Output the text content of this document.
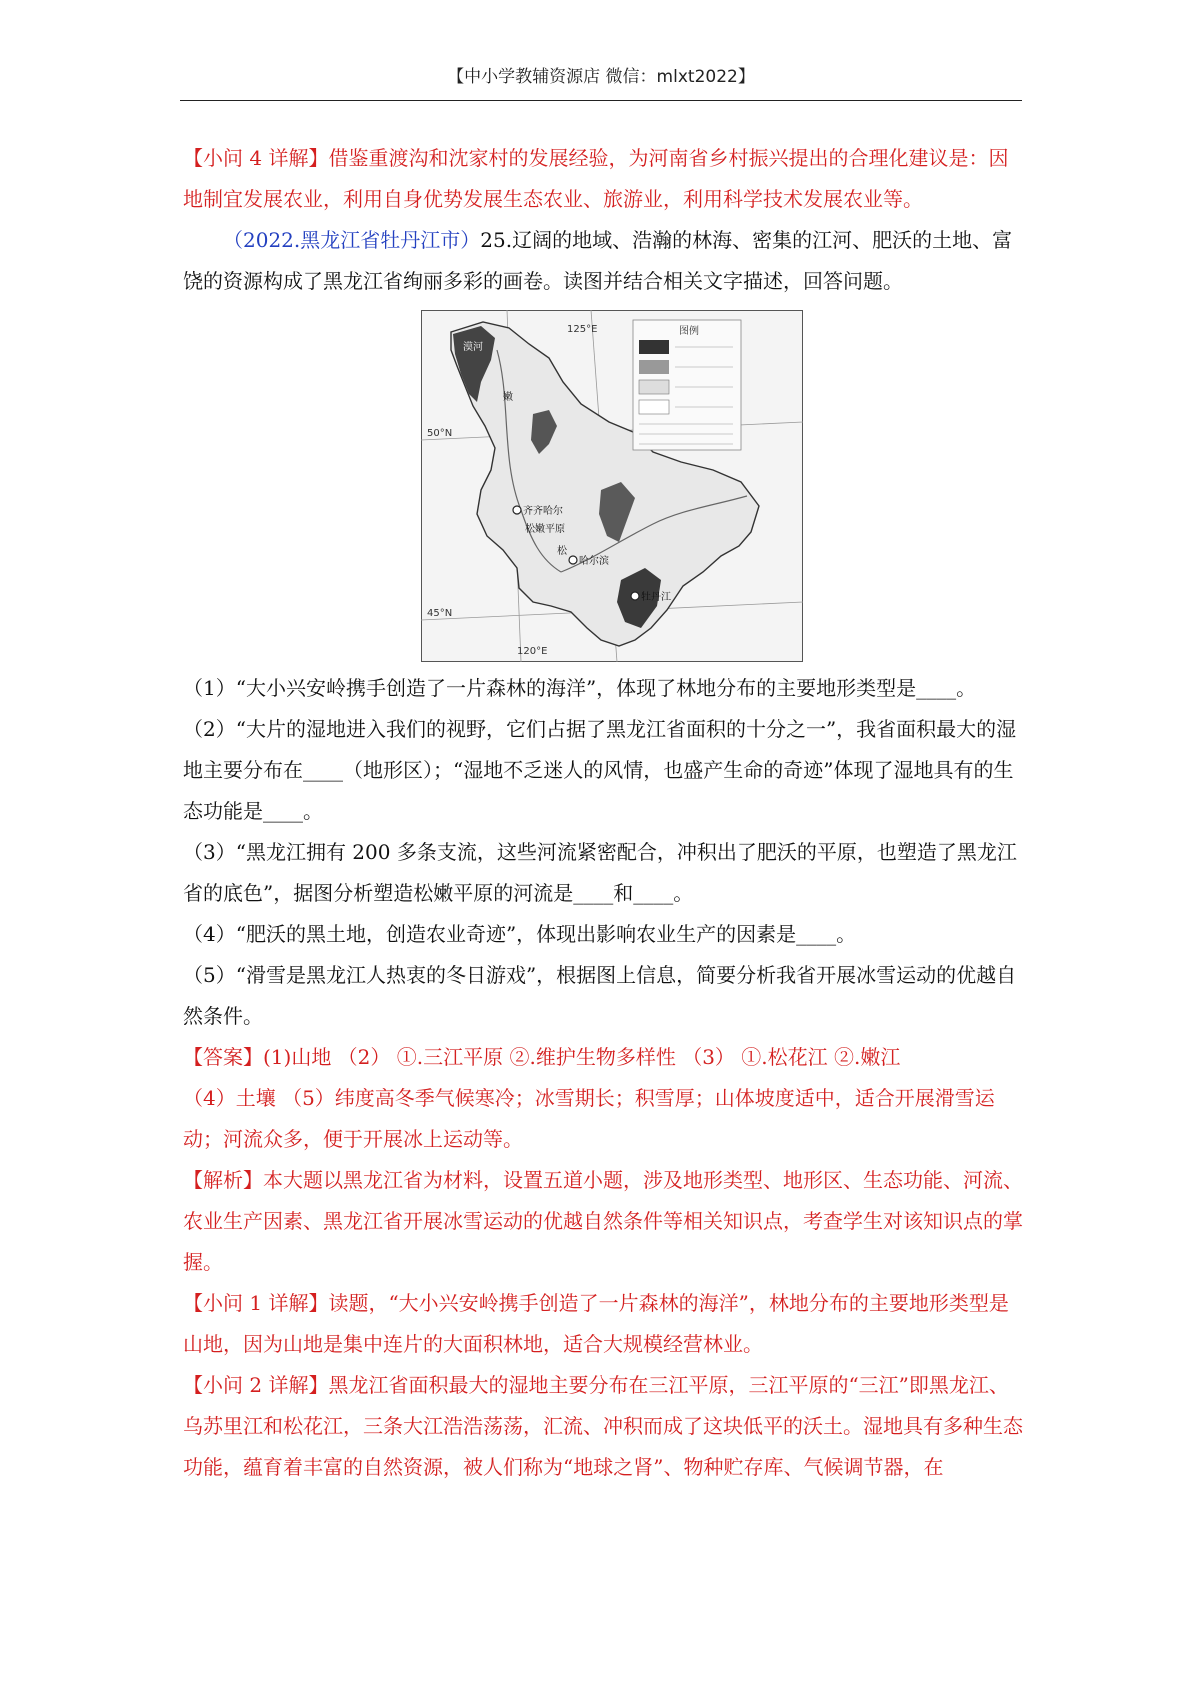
【中小学教辅资源店 微信：mlxt2022】

【小问 4 详解】借鉴重渡沟和沈家村的发展经验，为河南省乡村振兴提出的合理化建议是：因地制宜发展农业，利用自身优势发展生态农业、旅游业，利用科学技术发展农业等。

（2022.黑龙江省牡丹江市）25.辽阔的地域、浩瀚的林海、密集的江河、肥沃的土地、富饶的资源构成了黑龙江省绚丽多彩的画卷。读图并结合相关文字描述，回答问题。

漠河
齐齐哈尔
松嫩平原
哈尔滨
牡丹江
嫩
松
125°E
120°E
50°N
45°N
图例

（1）“大小兴安岭携手创造了一片森林的海洋”，体现了林地分布的主要地形类型是____。

（2）“大片的湿地进入我们的视野，它们占据了黑龙江省面积的十分之一”，我省面积最大的湿地主要分布在____（地形区）；“湿地不乏迷人的风情，也盛产生命的奇迹”体现了湿地具有的生态功能是____。

（3）“黑龙江拥有 200 多条支流，这些河流紧密配合，冲积出了肥沃的平原，也塑造了黑龙江省的底色”，据图分析塑造松嫩平原的河流是____和____。

（4）“肥沃的黑土地，创造农业奇迹”，体现出影响农业生产的因素是____。

（5）“滑雪是黑龙江人热衷的冬日游戏”，根据图上信息，简要分析我省开展冰雪运动的优越自然条件。

【答案】(1)山地 （2） ①.三江平原 ②.维护生物多样性 （3） ①.松花江 ②.嫩江

（4）土壤 （5）纬度高冬季气候寒冷；冰雪期长；积雪厚；山体坡度适中，适合开展滑雪运动；河流众多，便于开展冰上运动等。

【解析】本大题以黑龙江省为材料，设置五道小题，涉及地形类型、地形区、生态功能、河流、农业生产因素、黑龙江省开展冰雪运动的优越自然条件等相关知识点，考查学生对该知识点的掌握。

【小问 1 详解】读题，“大小兴安岭携手创造了一片森林的海洋”，林地分布的主要地形类型是山地，因为山地是集中连片的大面积林地，适合大规模经营林业。

【小问 2 详解】黑龙江省面积最大的湿地主要分布在三江平原，三江平原的“三江”即黑龙江、乌苏里江和松花江，三条大江浩浩荡荡，汇流、冲积而成了这块低平的沃土。湿地具有多种生态功能，蕴育着丰富的自然资源，被人们称为“地球之肾”、物种贮存库、气候调节器，在
